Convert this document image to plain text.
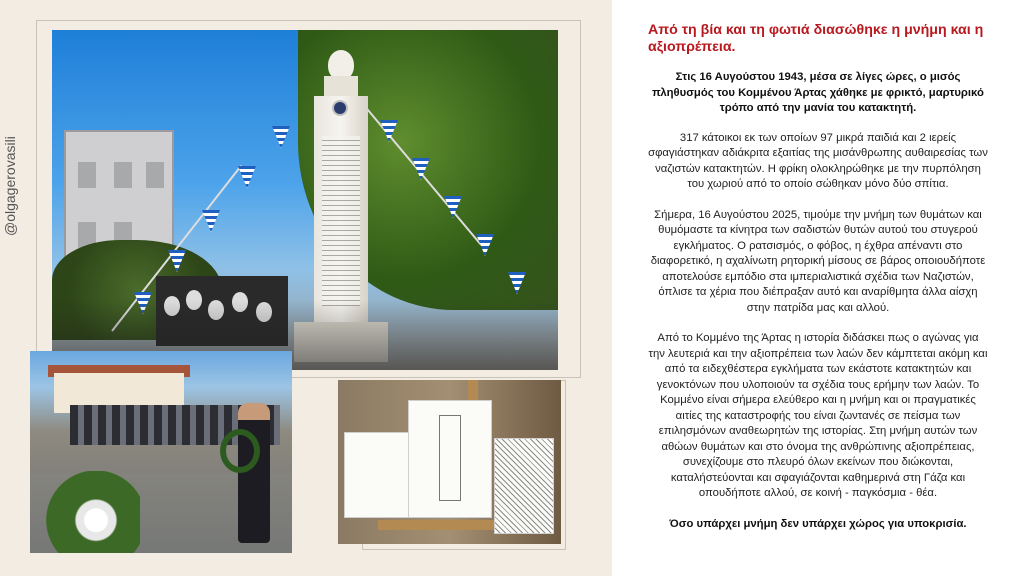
@olgagerovasili

Από τη βία και τη φωτιά διασώθηκε η μνήμη και η αξιοπρέπεια.

Στις 16 Αυγούστου 1943, μέσα σε λίγες ώρες, ο μισός πληθυσμός του Κομμένου Άρτας χάθηκε με φρικτό, μαρτυρικό τρόπο από την μανία του κατακτητή.

317 κάτοικοι εκ των οποίων 97 μικρά παιδιά και 2 ιερείς σφαγιάστηκαν αδιάκριτα εξαιτίας της μισάνθρωπης αυθαιρεσίας των ναζιστών κατακτητών. Η φρίκη ολοκληρώθηκε με την πυρπόληση του χωριού από το οποίο σώθηκαν μόνο δύο σπίτια.

Σήμερα, 16 Αυγούστου 2025, τιμούμε την μνήμη των θυμάτων και θυμόμαστε τα κίνητρα των σαδιστών θυτών αυτού του στυγερού εγκλήματος. Ο ρατσισμός, ο φόβος, η έχθρα απέναντι στο διαφορετικό, η αχαλίνωτη ρητορική μίσους σε βάρος οποιουδήποτε αποτελούσε εμπόδιο στα ιμπεριαλιστικά σχέδια των Ναζιστών, όπλισε τα χέρια που διέπραξαν αυτό και αναρίθμητα άλλα αίσχη στην πατρίδα μας και αλλού.

Από το Κομμένο της Άρτας η ιστορία διδάσκει πως ο αγώνας για την λευτεριά και την αξιοπρέπεια των λαών δεν κάμπτεται ακόμη και από τα ειδεχθέστερα εγκλήματα των εκάστοτε κατακτητών και γενοκτόνων που υλοποιούν τα σχέδια τους ερήμην των λαών. Το Κομμένο είναι σήμερα ελεύθερο και η μνήμη και οι πραγματικές αιτίες της καταστροφής του είναι ζωντανές σε πείσμα των επιλησμόνων αναθεωρητών της ιστορίας. Στη μνήμη αυτών των αθώων θυμάτων και στο όνομα της ανθρώπινης αξιοπρέπειας, συνεχίζουμε στο πλευρό όλων εκείνων που διώκονται, καταλήστεύονται και σφαγιάζονται καθημερινά στη Γάζα και οπουδήποτε αλλού, σε κοινή - παγκόσμια - θέα.

Όσο υπάρχει μνήμη δεν υπάρχει χώρος για υποκρισία.
